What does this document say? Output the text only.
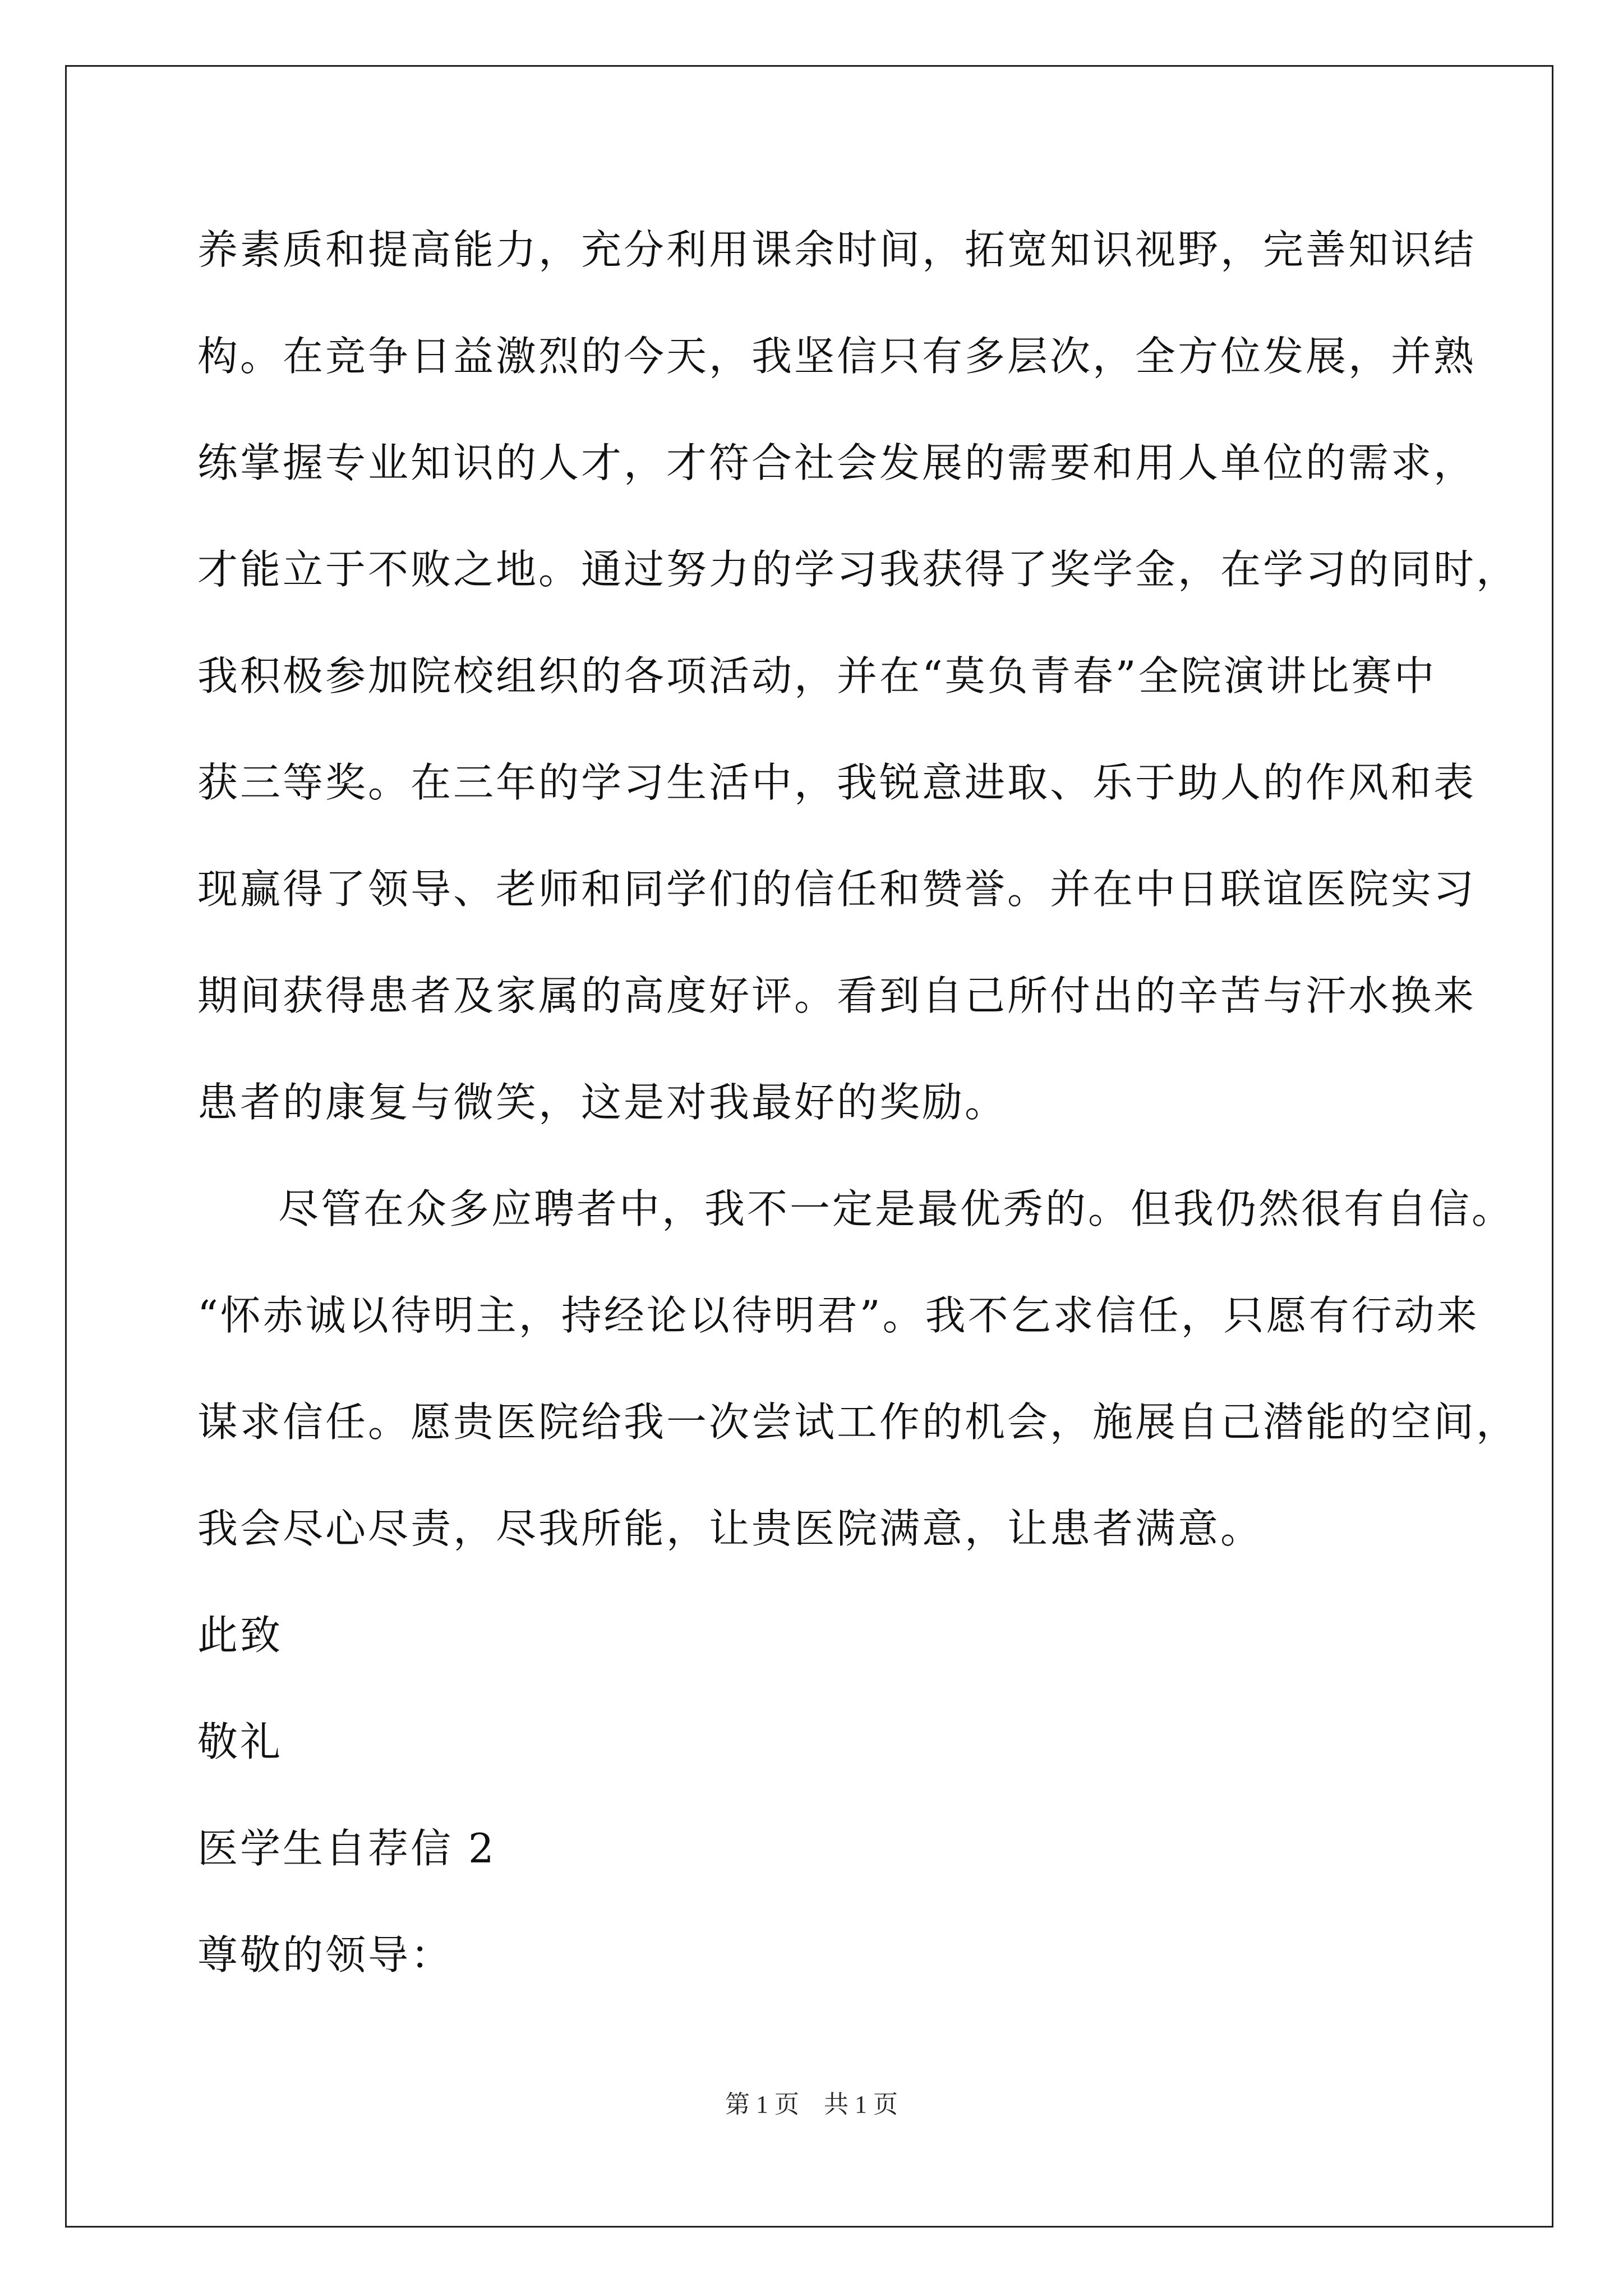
养素质和提高能力，充分利用课余时间，拓宽知识视野，完善知识结
构。在竞争日益激烈的今天，我坚信只有多层次，全方位发展，并熟
练掌握专业知识的人才，才符合社会发展的需要和用人单位的需求，
才能立于不败之地。通过努力的学习我获得了奖学金，在学习的同时，
我积极参加院校组织的各项活动，并在“莫负青春”全院演讲比赛中
获三等奖。在三年的学习生活中，我锐意进取、乐于助人的作风和表
现赢得了领导、老师和同学们的信任和赞誉。并在中日联谊医院实习
期间获得患者及家属的高度好评。看到自己所付出的辛苦与汗水换来
患者的康复与微笑，这是对我最好的奖励。
尽管在众多应聘者中，我不一定是最优秀的。但我仍然很有自信。
“怀赤诚以待明主，持经论以待明君”。我不乞求信任，只愿有行动来
谋求信任。愿贵医院给我一次尝试工作的机会，施展自己潜能的空间，
我会尽心尽责，尽我所能，让贵医院满意，让患者满意。
此致
敬礼
医学生自荐信 2
尊敬的领导：
第 1 页　共 1 页
